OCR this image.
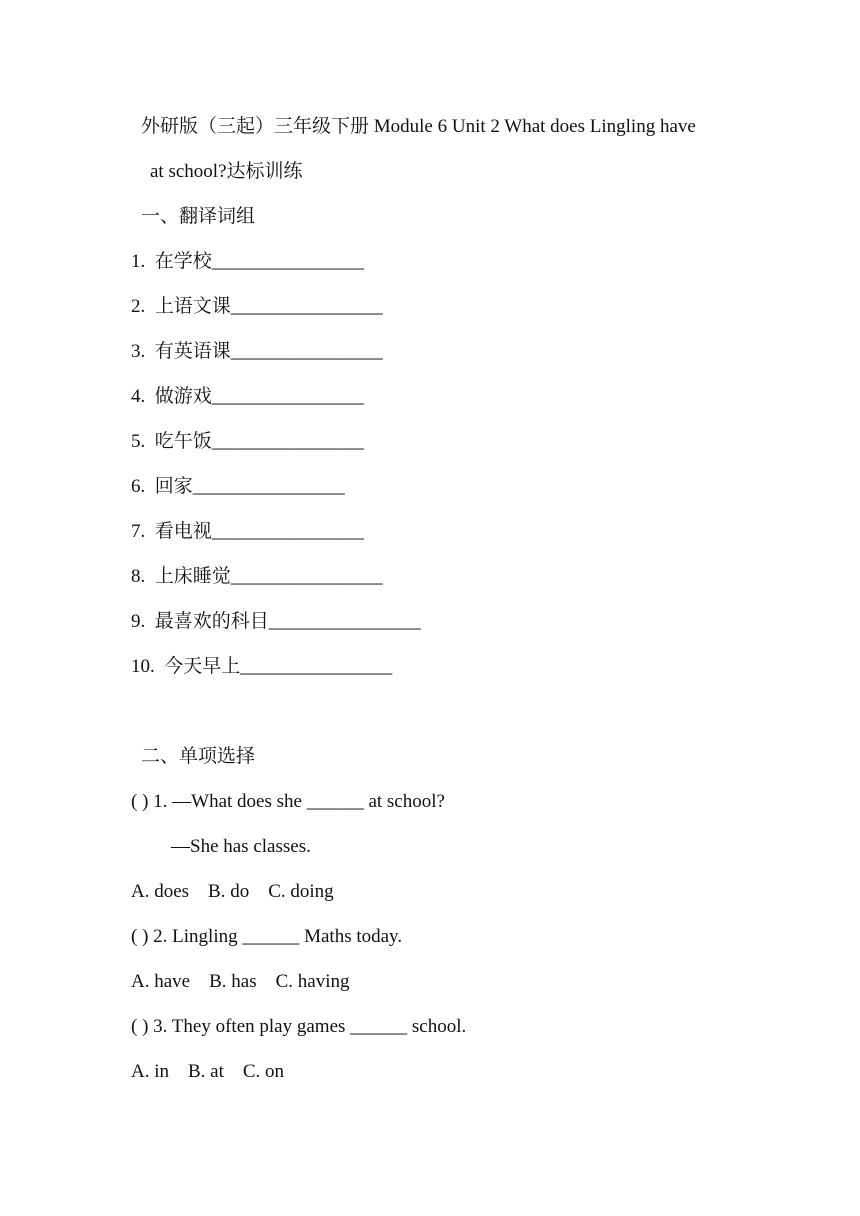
外研版（三起）三年级下册 Module 6 Unit 2 What does Lingling have
at school?达标训练
一、翻译词组
1.  在学校________________
2.  上语文课________________
3.  有英语课________________
4.  做游戏________________
5.  吃午饭________________
6.  回家________________
7.  看电视________________
8.  上床睡觉________________
9.  最喜欢的科目________________
10.  今天早上________________
二、单项选择
( ) 1. —What does she ______ at school?
—She has classes.
A. does    B. do    C. doing
( ) 2. Lingling ______ Maths today.
A. have    B. has    C. having
( ) 3. They often play games ______ school.
A. in    B. at    C. on
